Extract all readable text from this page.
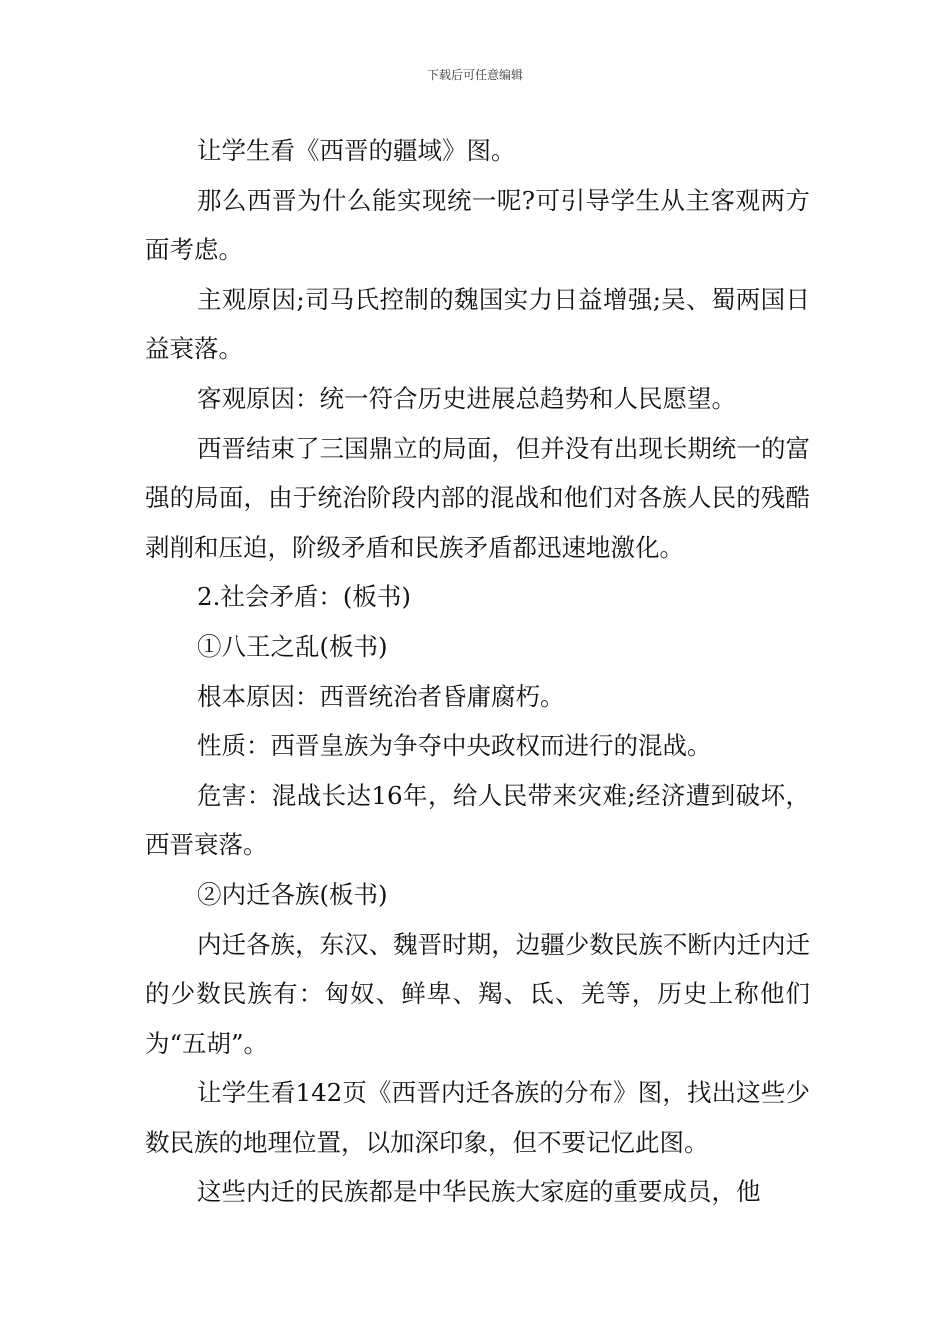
下载后可任意编辑

让学生看《西晋的疆域》图。

那么西晋为什么能实现统一呢?可引导学生从主客观两方面考虑。

主观原因;司马氏控制的魏国实力日益增强;吴、蜀两国日益衰落。

客观原因：统一符合历史进展总趋势和人民愿望。

西晋结束了三国鼎立的局面，但并没有出现长期统一的富强的局面，由于统治阶段内部的混战和他们对各族人民的残酷剥削和压迫，阶级矛盾和民族矛盾都迅速地激化。

2.社会矛盾：(板书)

①八王之乱(板书)

根本原因：西晋统治者昏庸腐朽。

性质：西晋皇族为争夺中央政权而进行的混战。

危害：混战长达16年，给人民带来灾难;经济遭到破坏，西晋衰落。

②内迁各族(板书)

内迁各族，东汉、魏晋时期，边疆少数民族不断内迁内迁的少数民族有：匈奴、鲜卑、羯、氐、羌等，历史上称他们为“五胡”。

让学生看142页《西晋内迁各族的分布》图，找出这些少数民族的地理位置，以加深印象，但不要记忆此图。

这些内迁的民族都是中华民族大家庭的重要成员，他
